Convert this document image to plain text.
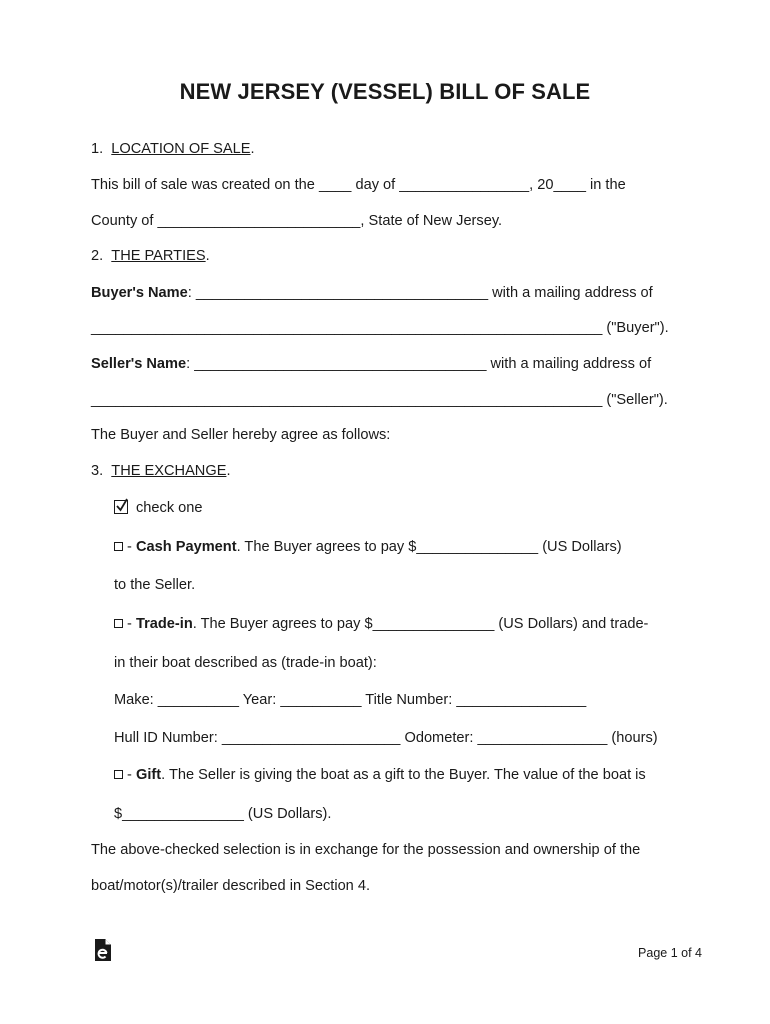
NEW JERSEY (VESSEL) BILL OF SALE
1. LOCATION OF SALE.
This bill of sale was created on the ____ day of ________________, 20____ in the
County of _________________________, State of New Jersey.
2. THE PARTIES.
Buyer's Name: ____________________________________ with a mailing address of
_______________________________________________________________ ("Buyer").
Seller's Name: ____________________________________ with a mailing address of
_______________________________________________________________ ("Seller").
The Buyer and Seller hereby agree as follows:
3. THE EXCHANGE.
check one
- Cash Payment. The Buyer agrees to pay $_______________ (US Dollars)
to the Seller.
- Trade-in. The Buyer agrees to pay $_______________ (US Dollars) and trade-
in their boat described as (trade-in boat):
Make: __________ Year: __________ Title Number: ________________
Hull ID Number: ______________________ Odometer: ________________ (hours)
- Gift. The Seller is giving the boat as a gift to the Buyer. The value of the boat is
$_______________ (US Dollars).
The above-checked selection is in exchange for the possession and ownership of the
boat/motor(s)/trailer described in Section 4.
Page 1 of 4
